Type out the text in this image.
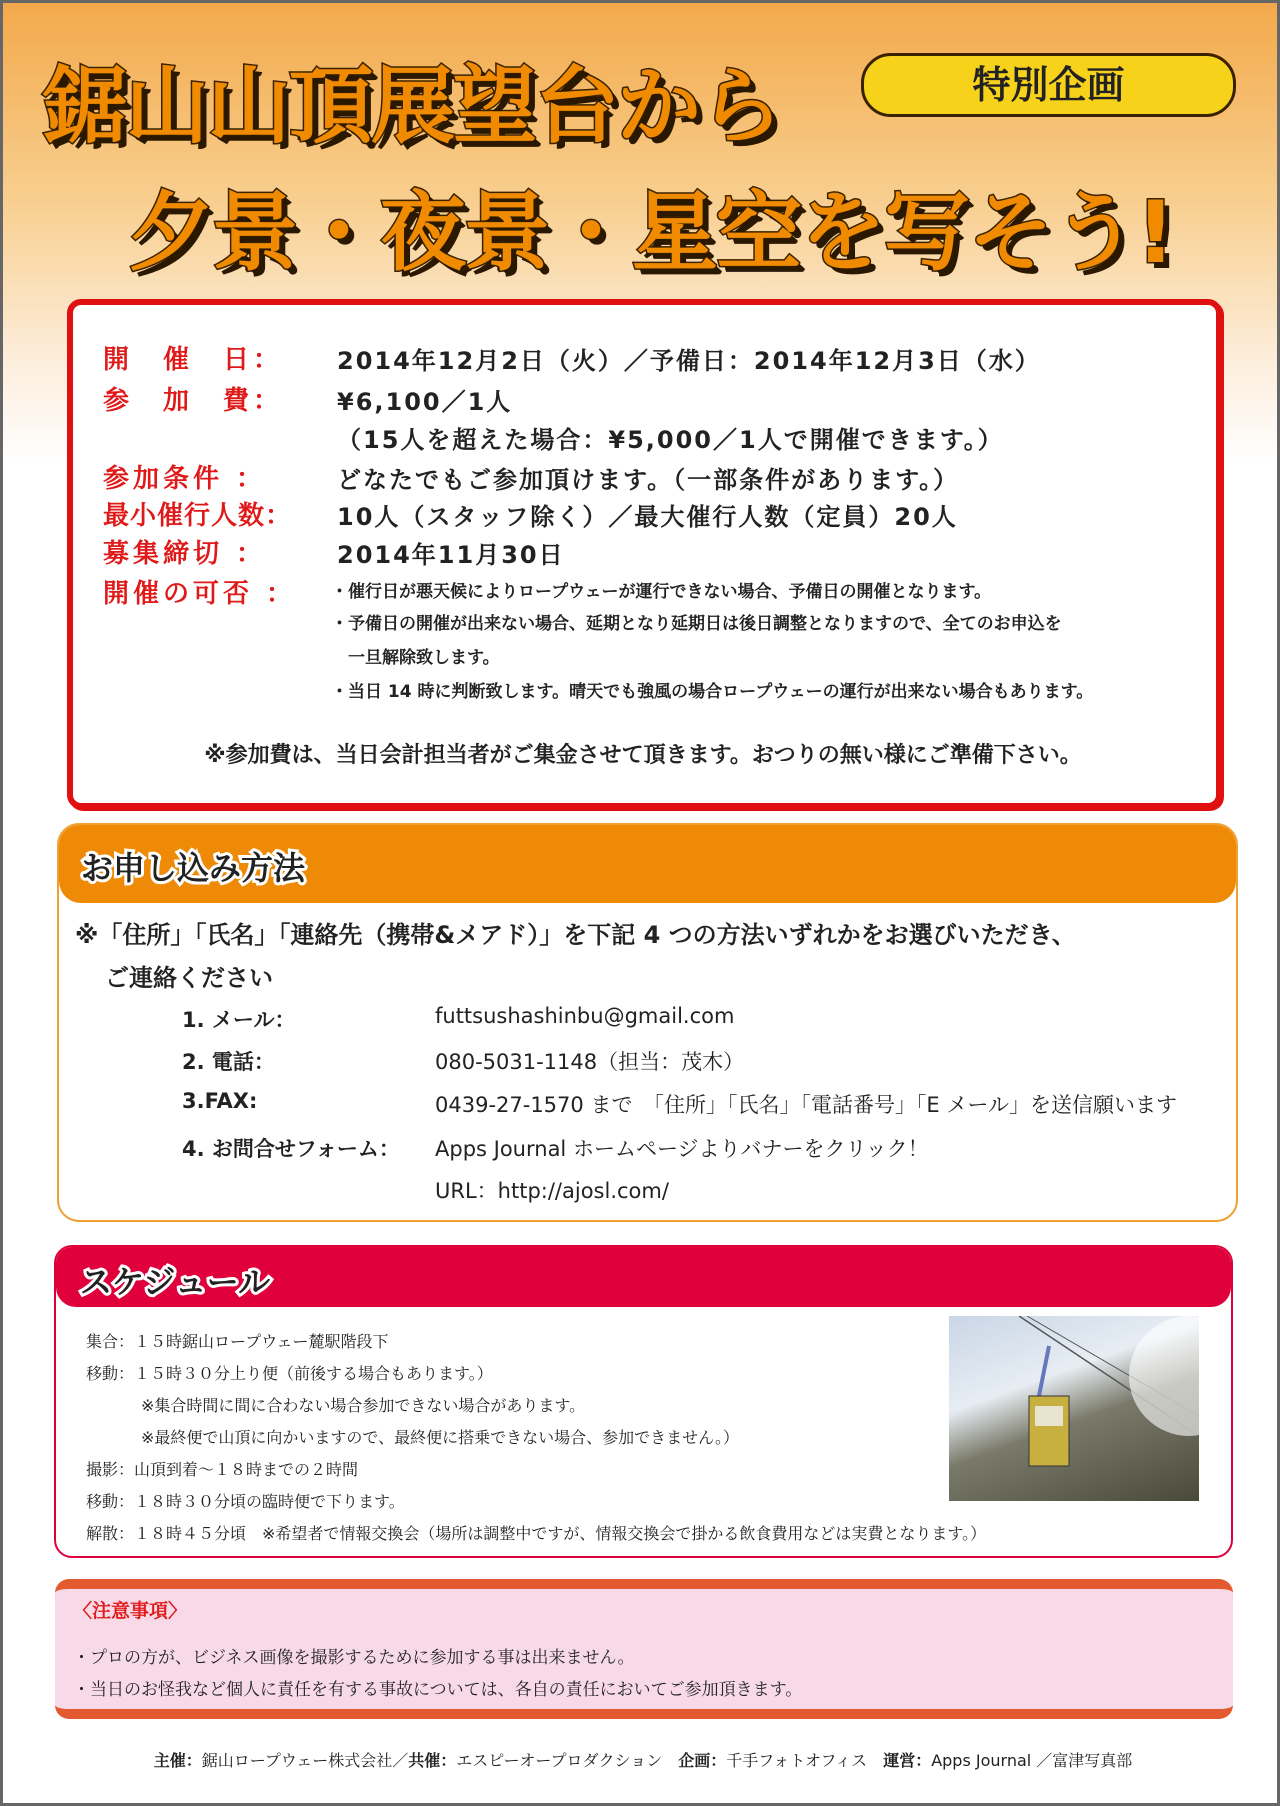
鋸山山頂展望台から	特別企画
夕景・夜景・星空を写そう!
開　催　日： 2014年12月2日（火）／予備日：2014年12月3日（水）
参　加　費： ¥6,100／1人
（15人を超えた場合：¥5,000／1人で開催できます。）
参加条件 ：	どなたでもご参加頂けます。（一部条件があります。）
最小催行人数： 10人（スタッフ除く）／最大催行人数（定員）20人
募集締切 ：	2014年11月30日
開催の可否 ： ・催行日が悪天候によりロープウェーが運行できない場合、予備日の開催となります。
・予備日の開催が出来ない場合、延期となり延期日は後日調整となりますので、全てのお申込を
　一旦解除致します。
・当日 14 時に判断致します。晴天でも強風の場合ロープウェーの運行が出来ない場合もあります。
※参加費は、当日会計担当者がご集金させて頂きます。おつりの無い様にご準備下さい。
お申し込み方法
※「住所」「氏名」「連絡先（携帯&メアド）」を下記 4 つの方法いずれかをお選びいただき、
ご連絡ください
1. メール：	futtsushashinbu@gmail.com
2. 電話：	080-5031-1148（担当：茂木）
3.FAX:	0439-27-1570 まで　「住所」「氏名」「電話番号」「E メール」を送信願います
4. お問合せフォーム： Apps Journal ホームページよりバナーをクリック！
URL：http://ajosl.com/
スケジュール
集合：１５時鋸山ロープウェー麓駅階段下
移動：１５時３０分上り便（前後する場合もあります。）
※集合時間に間に合わない場合参加できない場合があります。
※最終便で山頂に向かいますので、最終便に搭乗できない場合、参加できません。）
撮影：山頂到着～１８時までの２時間
移動：１８時３０分頃の臨時便で下ります。
解散：１８時４５分頃　※希望者で情報交換会（場所は調整中ですが、情報交換会で掛かる飲食費用などは実費となります。）
〈注意事項〉
・プロの方が、ビジネス画像を撮影するために参加する事は出来ません。
・当日のお怪我など個人に責任を有する事故については、各自の責任においてご参加頂きます。
主催：鋸山ロープウェー株式会社／共催：エスピーオープロダクション　企画：千手フォトオフィス　運営：Apps Journal ／富津写真部
